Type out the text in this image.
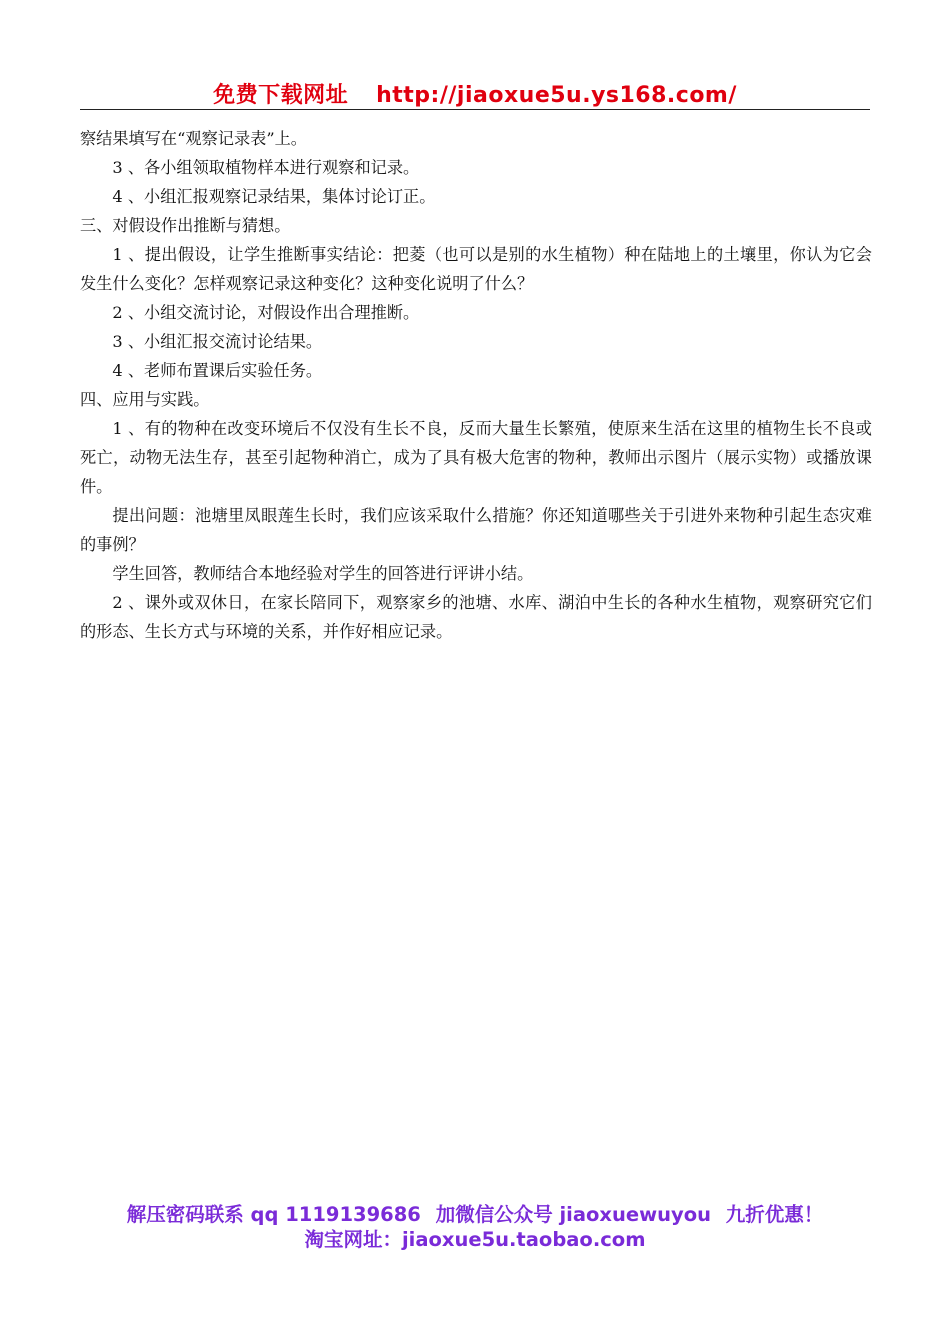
免费下载网址 http://jiaoxue5u.ys168.com/

察结果填写在“观察记录表”上。

3 、各小组领取植物样本进行观察和记录。

4 、小组汇报观察记录结果，集体讨论订正。

三、对假设作出推断与猜想。

1 、提出假设，让学生推断事实结论：把菱（也可以是别的水生植物）种在陆地上的土壤里，你认为它会发生什么变化？怎样观察记录这种变化？这种变化说明了什么？

2 、小组交流讨论，对假设作出合理推断。

3 、小组汇报交流讨论结果。

4 、老师布置课后实验任务。

四、应用与实践。

1 、有的物种在改变环境后不仅没有生长不良，反而大量生长繁殖，使原来生活在这里的植物生长不良或死亡，动物无法生存，甚至引起物种消亡，成为了具有极大危害的物种，教师出示图片（展示实物）或播放课件。

提出问题：池塘里凤眼莲生长时，我们应该采取什么措施？你还知道哪些关于引进外来物种引起生态灾难的事例？

学生回答，教师结合本地经验对学生的回答进行评讲小结。

2 、课外或双休日，在家长陪同下，观察家乡的池塘、水库、湖泊中生长的各种水生植物，观察研究它们的形态、生长方式与环境的关系，并作好相应记录。

解压密码联系 qq 1119139686 加微信公众号 jiaoxuewuyou 九折优惠！
淘宝网址：jiaoxue5u.taobao.com
